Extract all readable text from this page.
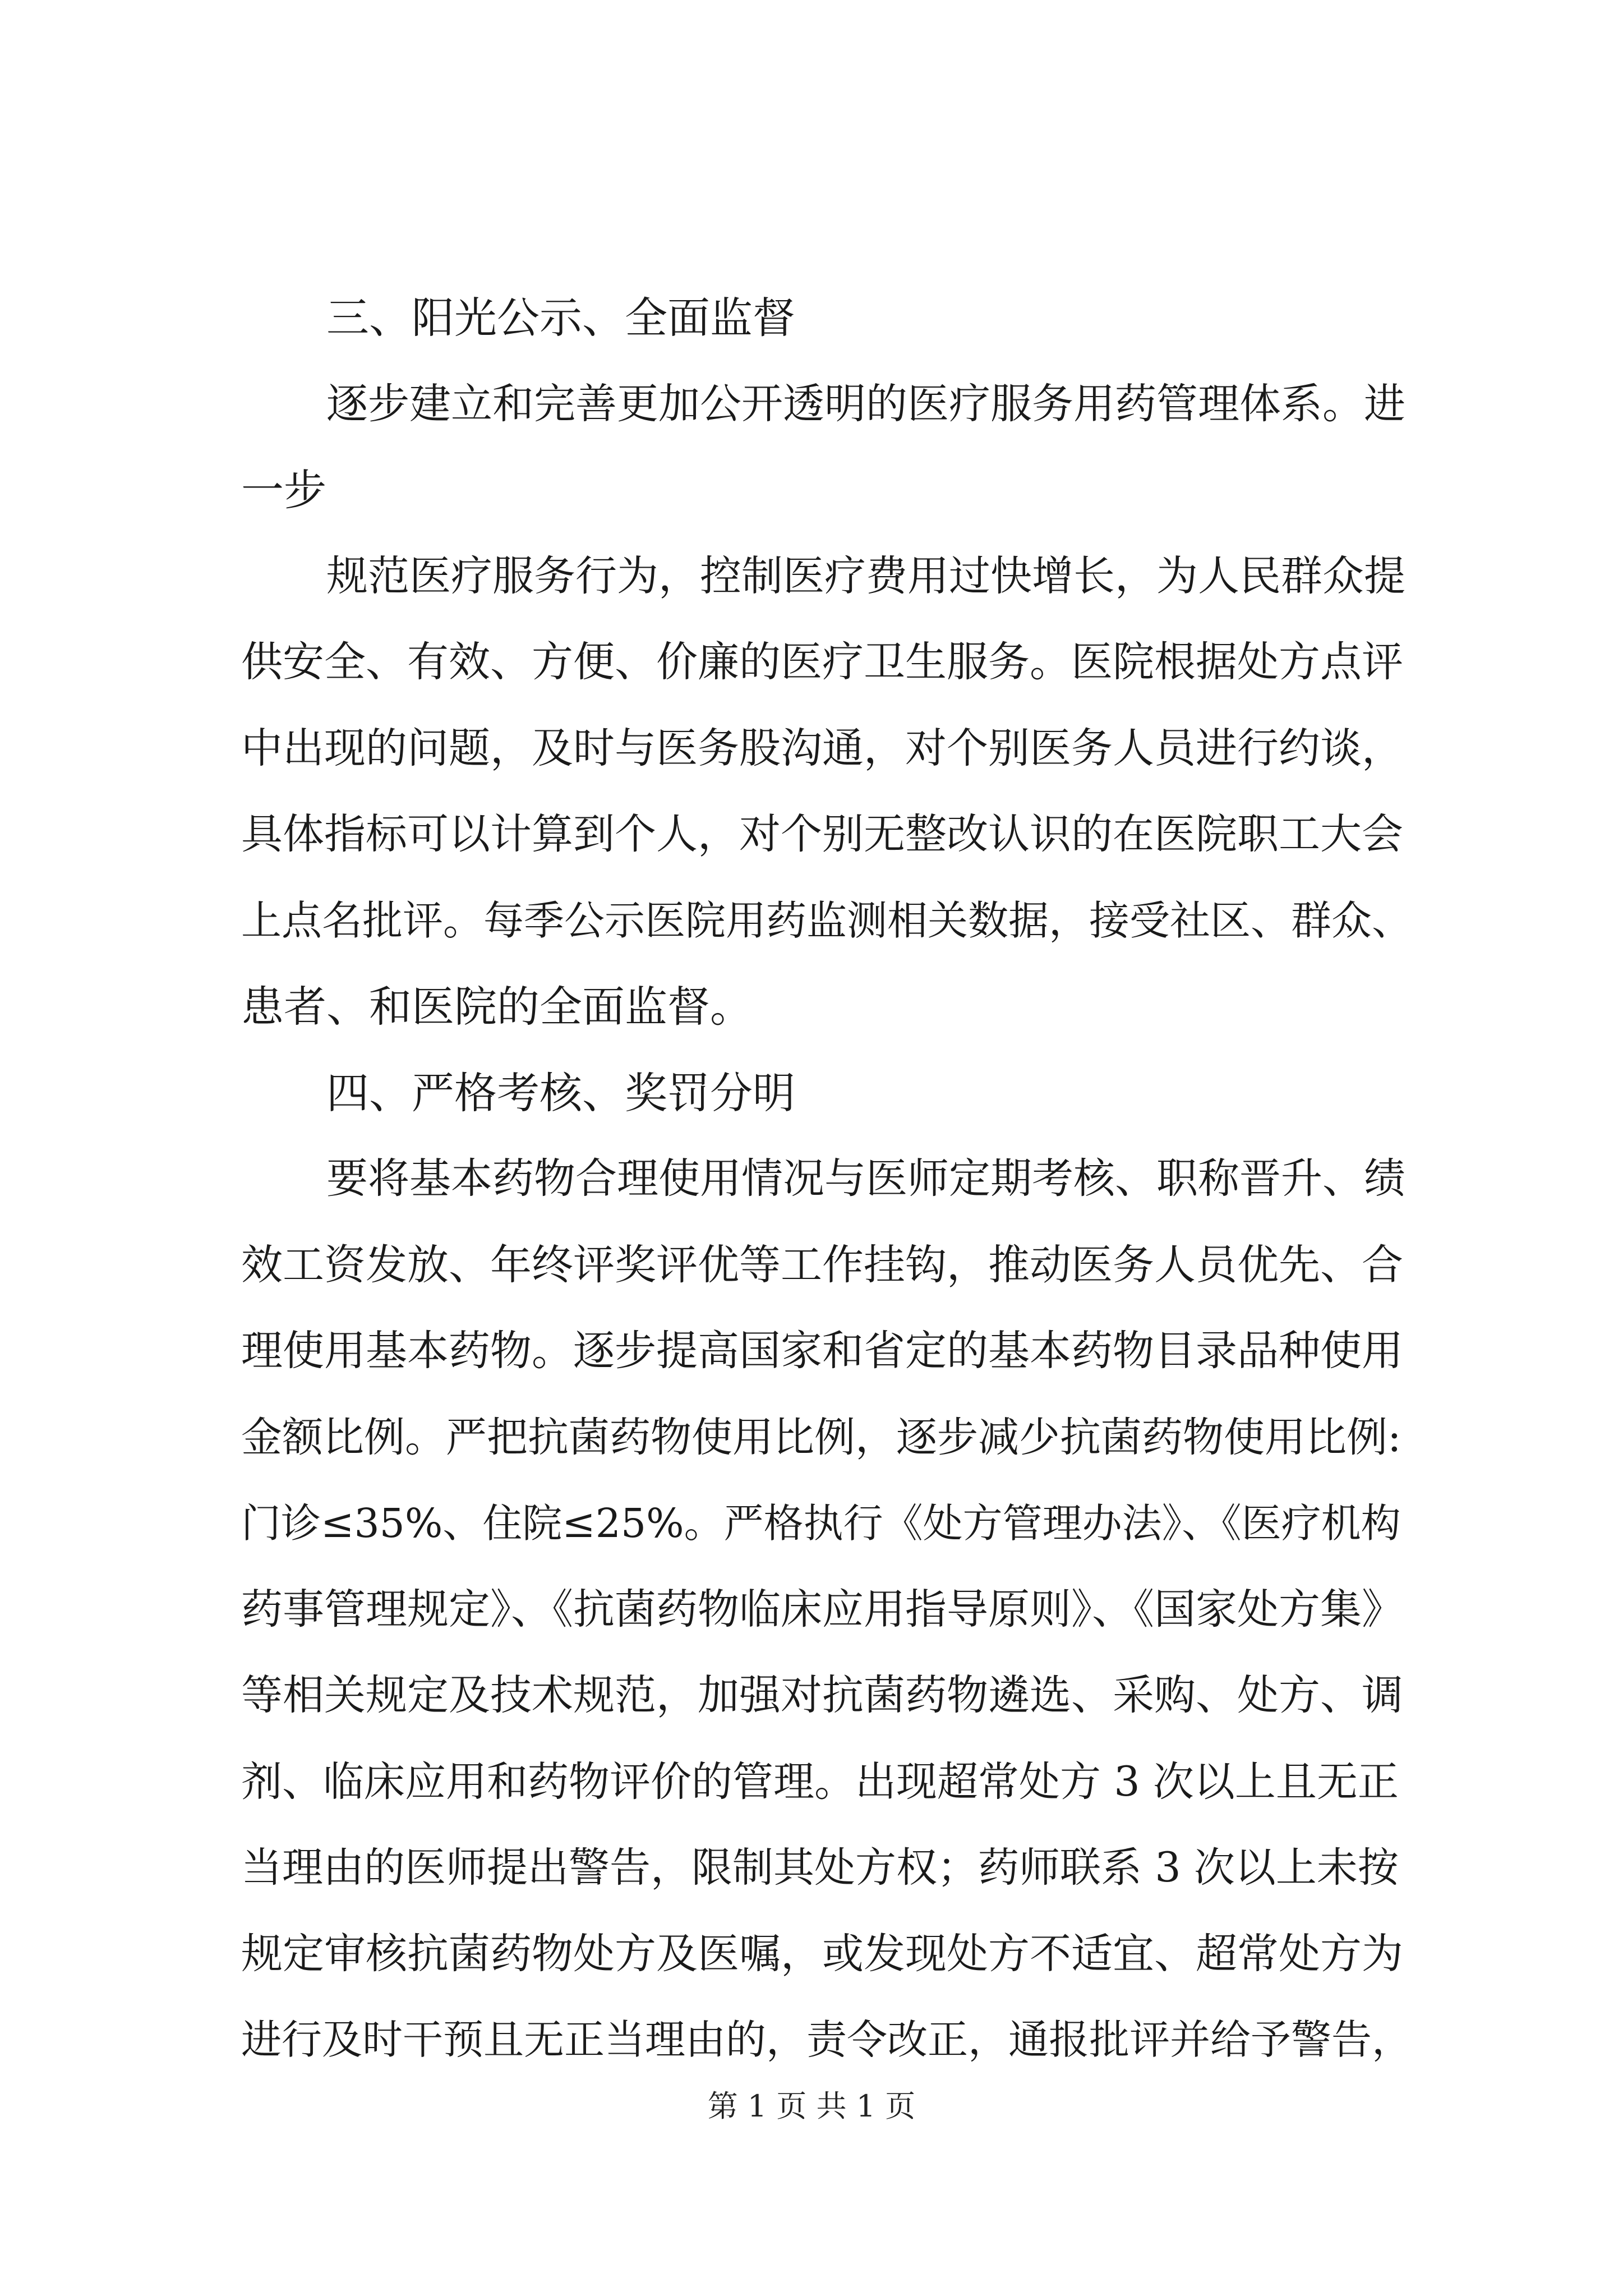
三、阳光公示、全面监督
逐步建立和完善更加公开透明的医疗服务用药管理体系。进
一步
规范医疗服务行为，控制医疗费用过快增长，为人民群众提
供安全、有效、方便、价廉的医疗卫生服务。医院根据处方点评
中出现的问题，及时与医务股沟通，对个别医务人员进行约谈，
具体指标可以计算到个人，对个别无整改认识的在医院职工大会
上点名批评。每季公示医院用药监测相关数据，接受社区、群众、
患者、和医院的全面监督。
四、严格考核、奖罚分明
要将基本药物合理使用情况与医师定期考核、职称晋升、绩
效工资发放、年终评奖评优等工作挂钩，推动医务人员优先、合
理使用基本药物。逐步提高国家和省定的基本药物目录品种使用
金额比例。严把抗菌药物使用比例，逐步减少抗菌药物使用比例:
门诊≤35%、住院≤25%。严格执行《处方管理办法》、《医疗机构
药事管理规定》、《抗菌药物临床应用指导原则》、《国家处方集》
等相关规定及技术规范，加强对抗菌药物遴选、采购、处方、调
剂、临床应用和药物评价的管理。出现超常处方 3 次以上且无正
当理由的医师提出警告，限制其处方权；药师联系 3 次以上未按
规定审核抗菌药物处方及医嘱，或发现处方不适宜、超常处方为
进行及时干预且无正当理由的，责令改正，通报批评并给予警告，
第 1 页 共 1 页
